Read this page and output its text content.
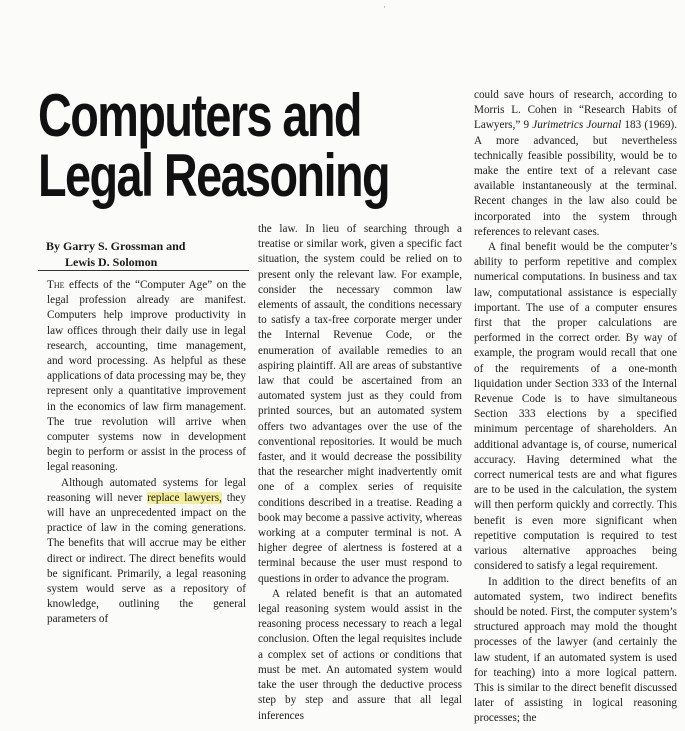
·
Computers and
Legal Reasoning
By Garry S. Grossman and
Lewis D. Solomon

The effects of the “Computer Age” on the legal profession already are manifest. Computers help improve productivity in law offices through their daily use in legal research, accounting, time management, and word processing. As helpful as these applications of data processing may be, they represent only a quantitative improvement in the economics of law firm management. The true revolution will arrive when computer systems now in development begin to perform or assist in the process of legal reasoning.

Although automated systems for legal reasoning will never replace lawyers, they will have an unprecedented impact on the practice of law in the coming generations. The benefits that will accrue may be either direct or indirect. The direct benefits would be significant. Primarily, a legal reasoning system would serve as a repository of knowledge, outlining the general parameters of

the law. In lieu of searching through a treatise or similar work, given a specific fact situation, the system could be relied on to present only the relevant law. For example, consider the necessary common law elements of assault, the conditions necessary to satisfy a tax-free corporate merger under the Internal Revenue Code, or the enumeration of available remedies to an aspiring plaintiff. All are areas of substantive law that could be ascertained from an automated system just as they could from printed sources, but an automated system offers two advantages over the use of the conventional repositories. It would be much faster, and it would decrease the possibility that the researcher might inadvertently omit one of a complex series of requisite conditions described in a treatise. Reading a book may become a passive activity, whereas working at a computer terminal is not. A higher degree of alertness is fostered at a terminal because the user must respond to questions in order to advance the program.

A related benefit is that an automated legal reasoning system would assist in the reasoning process necessary to reach a legal conclusion. Often the legal requisites include a complex set of actions or conditions that must be met. An automated system would take the user through the deductive process step by step and assure that all legal inferences

could save hours of research, according to Morris L. Cohen in “Research Habits of Lawyers,” 9 Jurimetrics Journal 183 (1969). A more advanced, but nevertheless technically feasible possibility, would be to make the entire text of a relevant case available instantaneously at the terminal. Recent changes in the law also could be incorporated into the system through references to relevant cases.

A final benefit would be the computer’s ability to perform repetitive and complex numerical computations. In business and tax law, computational assistance is especially important. The use of a computer ensures first that the proper calculations are performed in the correct order. By way of example, the program would recall that one of the requirements of a one-month liquidation under Section 333 of the Internal Revenue Code is to have simultaneous Section 333 elections by a specified minimum percentage of shareholders. An additional advantage is, of course, numerical accuracy. Having determined what the correct numerical tests are and what figures are to be used in the calculation, the system will then perform quickly and correctly. This benefit is even more significant when repetitive computation is required to test various alternative approaches being considered to satisfy a legal requirement.

In addition to the direct benefits of an automated system, two indirect benefits should be noted. First, the computer system’s structured approach may mold the thought processes of the lawyer (and certainly the law student, if an automated system is used for teaching) into a more logical pattern. This is similar to the direct benefit discussed later of assisting in logical reasoning processes; the
